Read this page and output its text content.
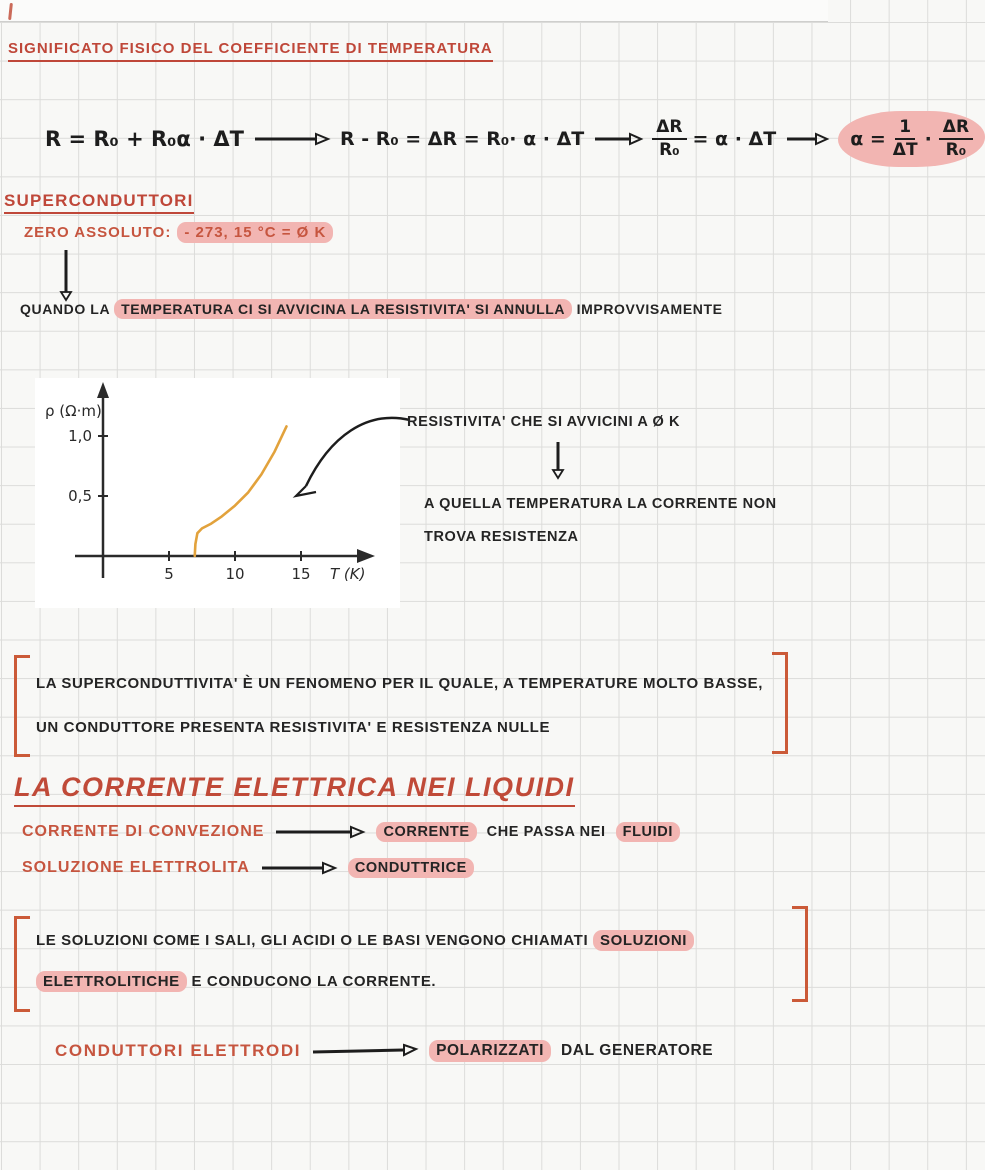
SIGNIFICATO FISICO DEL COEFFICIENTE DI TEMPERATURA
R = R₀ + R₀α · ΔT	R - R₀ = ΔR = R₀· α · ΔT	$\frac{\Delta R}{\text{R₀}} = \alpha \cdot \Delta T$	$\alpha = \frac{1}{\Delta T} \cdot \frac{\Delta R}{\text{R₀}}$
SUPERCONDUTTORI
ZERO ASSOLUTO: - 273, 15 °C = Ø K
QUANDO LA TEMPERATURA CI SI AVVICINA LA RESISTIVITA' SI ANNULLA IMPROVVISAMENTE
ρ (Ω·m)
T (K)
5	10	15
0,5
1,0
RESISTIVITA' CHE SI AVVICINI A Ø K
A QUELLA TEMPERATURA LA CORRENTE NON
TROVA RESISTENZA
LA SUPERCONDUTTIVITA' È UN FENOMENO PER IL QUALE, A TEMPERATURE MOLTO BASSE,
UN CONDUTTORE PRESENTA RESISTIVITA' E RESISTENZA NULLE
LA CORRENTE ELETTRICA NEI LIQUIDI
CORRENTE DI CONVEZIONE	CORRENTE	CHE PASSA NEI	FLUIDI
SOLUZIONE ELETTROLITA	CONDUTTRICE
LE SOLUZIONI COME I SALI, GLI ACIDI O LE BASI VENGONO CHIAMATI SOLUZIONI
ELETTROLITICHE E CONDUCONO LA CORRENTE.
CONDUTTORI ELETTRODI	POLARIZZATI	DAL GENERATORE
